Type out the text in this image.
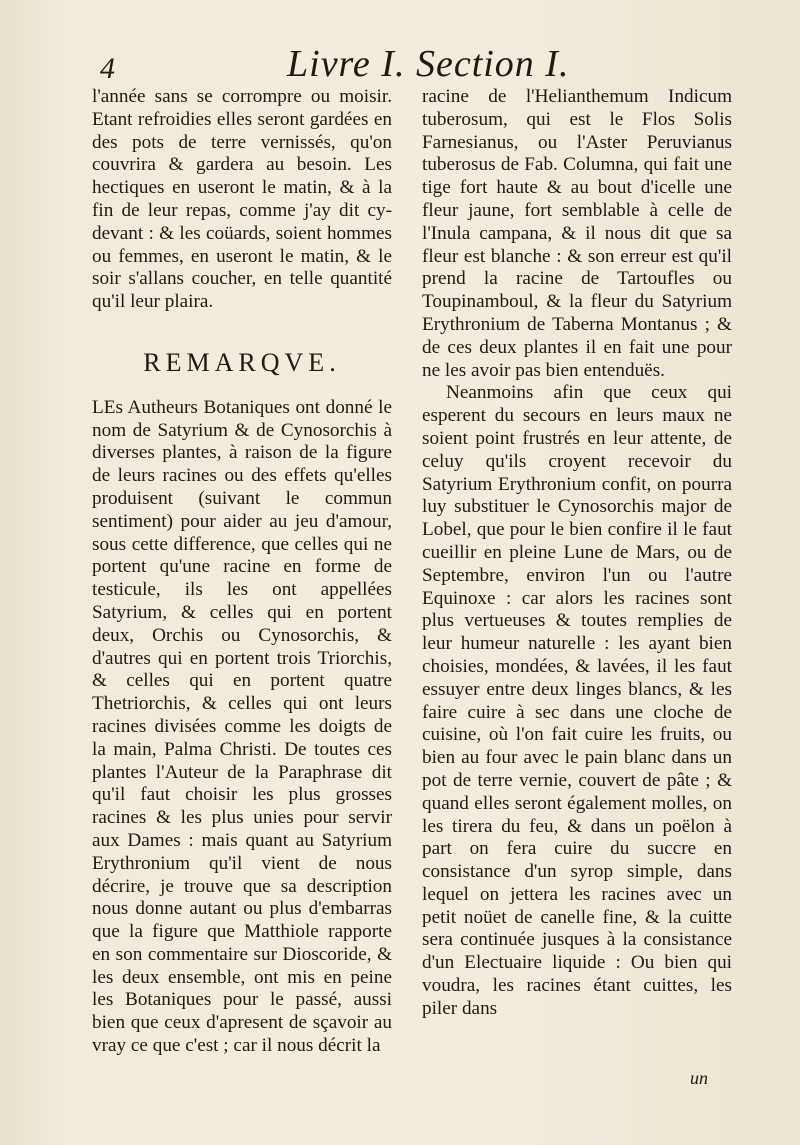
4	Livre I. Section I.

l'année sans se corrompre ou moisir. Etant refroidies elles seront gardées en des pots de terre vernissés, qu'on couvrira & gardera au besoin. Les hectiques en useront le matin, & à la fin de leur repas, comme j'ay dit cy-devant : & les coüards, soient hommes ou femmes, en useront le matin, & le soir s'allans coucher, en telle quantité qu'il leur plaira.

REMARQVE.

LEs Autheurs Botaniques ont donné le nom de Satyrium & de Cynosorchis à diverses plantes, à raison de la figure de leurs racines ou des effets qu'elles produisent (suivant le commun sentiment) pour aider au jeu d'amour, sous cette difference, que celles qui ne portent qu'une racine en forme de testicule, ils les ont appellées Satyrium, & celles qui en portent deux, Orchis ou Cynosorchis, & d'autres qui en portent trois Triorchis, & celles qui en portent quatre Thetriorchis, & celles qui ont leurs racines divisées comme les doigts de la main, Palma Christi. De toutes ces plantes l'Auteur de la Paraphrase dit qu'il faut choisir les plus grosses racines & les plus unies pour servir aux Dames : mais quant au Satyrium Erythronium qu'il vient de nous décrire, je trouve que sa description nous donne autant ou plus d'embarras que la figure que Matthiole rapporte en son commentaire sur Dioscoride, & les deux ensemble, ont mis en peine les Botaniques pour le passé, aussi bien que ceux d'apresent de sçavoir au vray ce que c'est ; car il nous décrit la

racine de l'Helianthemum Indicum tuberosum, qui est le Flos Solis Farnesianus, ou l'Aster Peruvianus tuberosus de Fab. Columna, qui fait une tige fort haute & au bout d'icelle une fleur jaune, fort semblable à celle de l'Inula campana, & il nous dit que sa fleur est blanche : & son erreur est qu'il prend la racine de Tartoufles ou Toupinamboul, & la fleur du Satyrium Erythronium de Taberna Montanus ; & de ces deux plantes il en fait une pour ne les avoir pas bien entenduës.

Neanmoins afin que ceux qui esperent du secours en leurs maux ne soient point frustrés en leur attente, de celuy qu'ils croyent recevoir du Satyrium Erythronium confit, on pourra luy substituer le Cynosorchis major de Lobel, que pour le bien confire il le faut cueillir en pleine Lune de Mars, ou de Septembre, environ l'un ou l'autre Equinoxe : car alors les racines sont plus vertueuses & toutes remplies de leur humeur naturelle : les ayant bien choisies, mondées, & lavées, il les faut essuyer entre deux linges blancs, & les faire cuire à sec dans une cloche de cuisine, où l'on fait cuire les fruits, ou bien au four avec le pain blanc dans un pot de terre vernie, couvert de pâte ; & quand elles seront également molles, on les tirera du feu, & dans un poëlon à part on fera cuire du succre en consistance d'un syrop simple, dans lequel on jettera les racines avec un petit noüet de canelle fine, & la cuitte sera continuée jusques à la consistance d'un Electuaire liquide : Ou bien qui voudra, les racines étant cuittes, les piler dans

un
